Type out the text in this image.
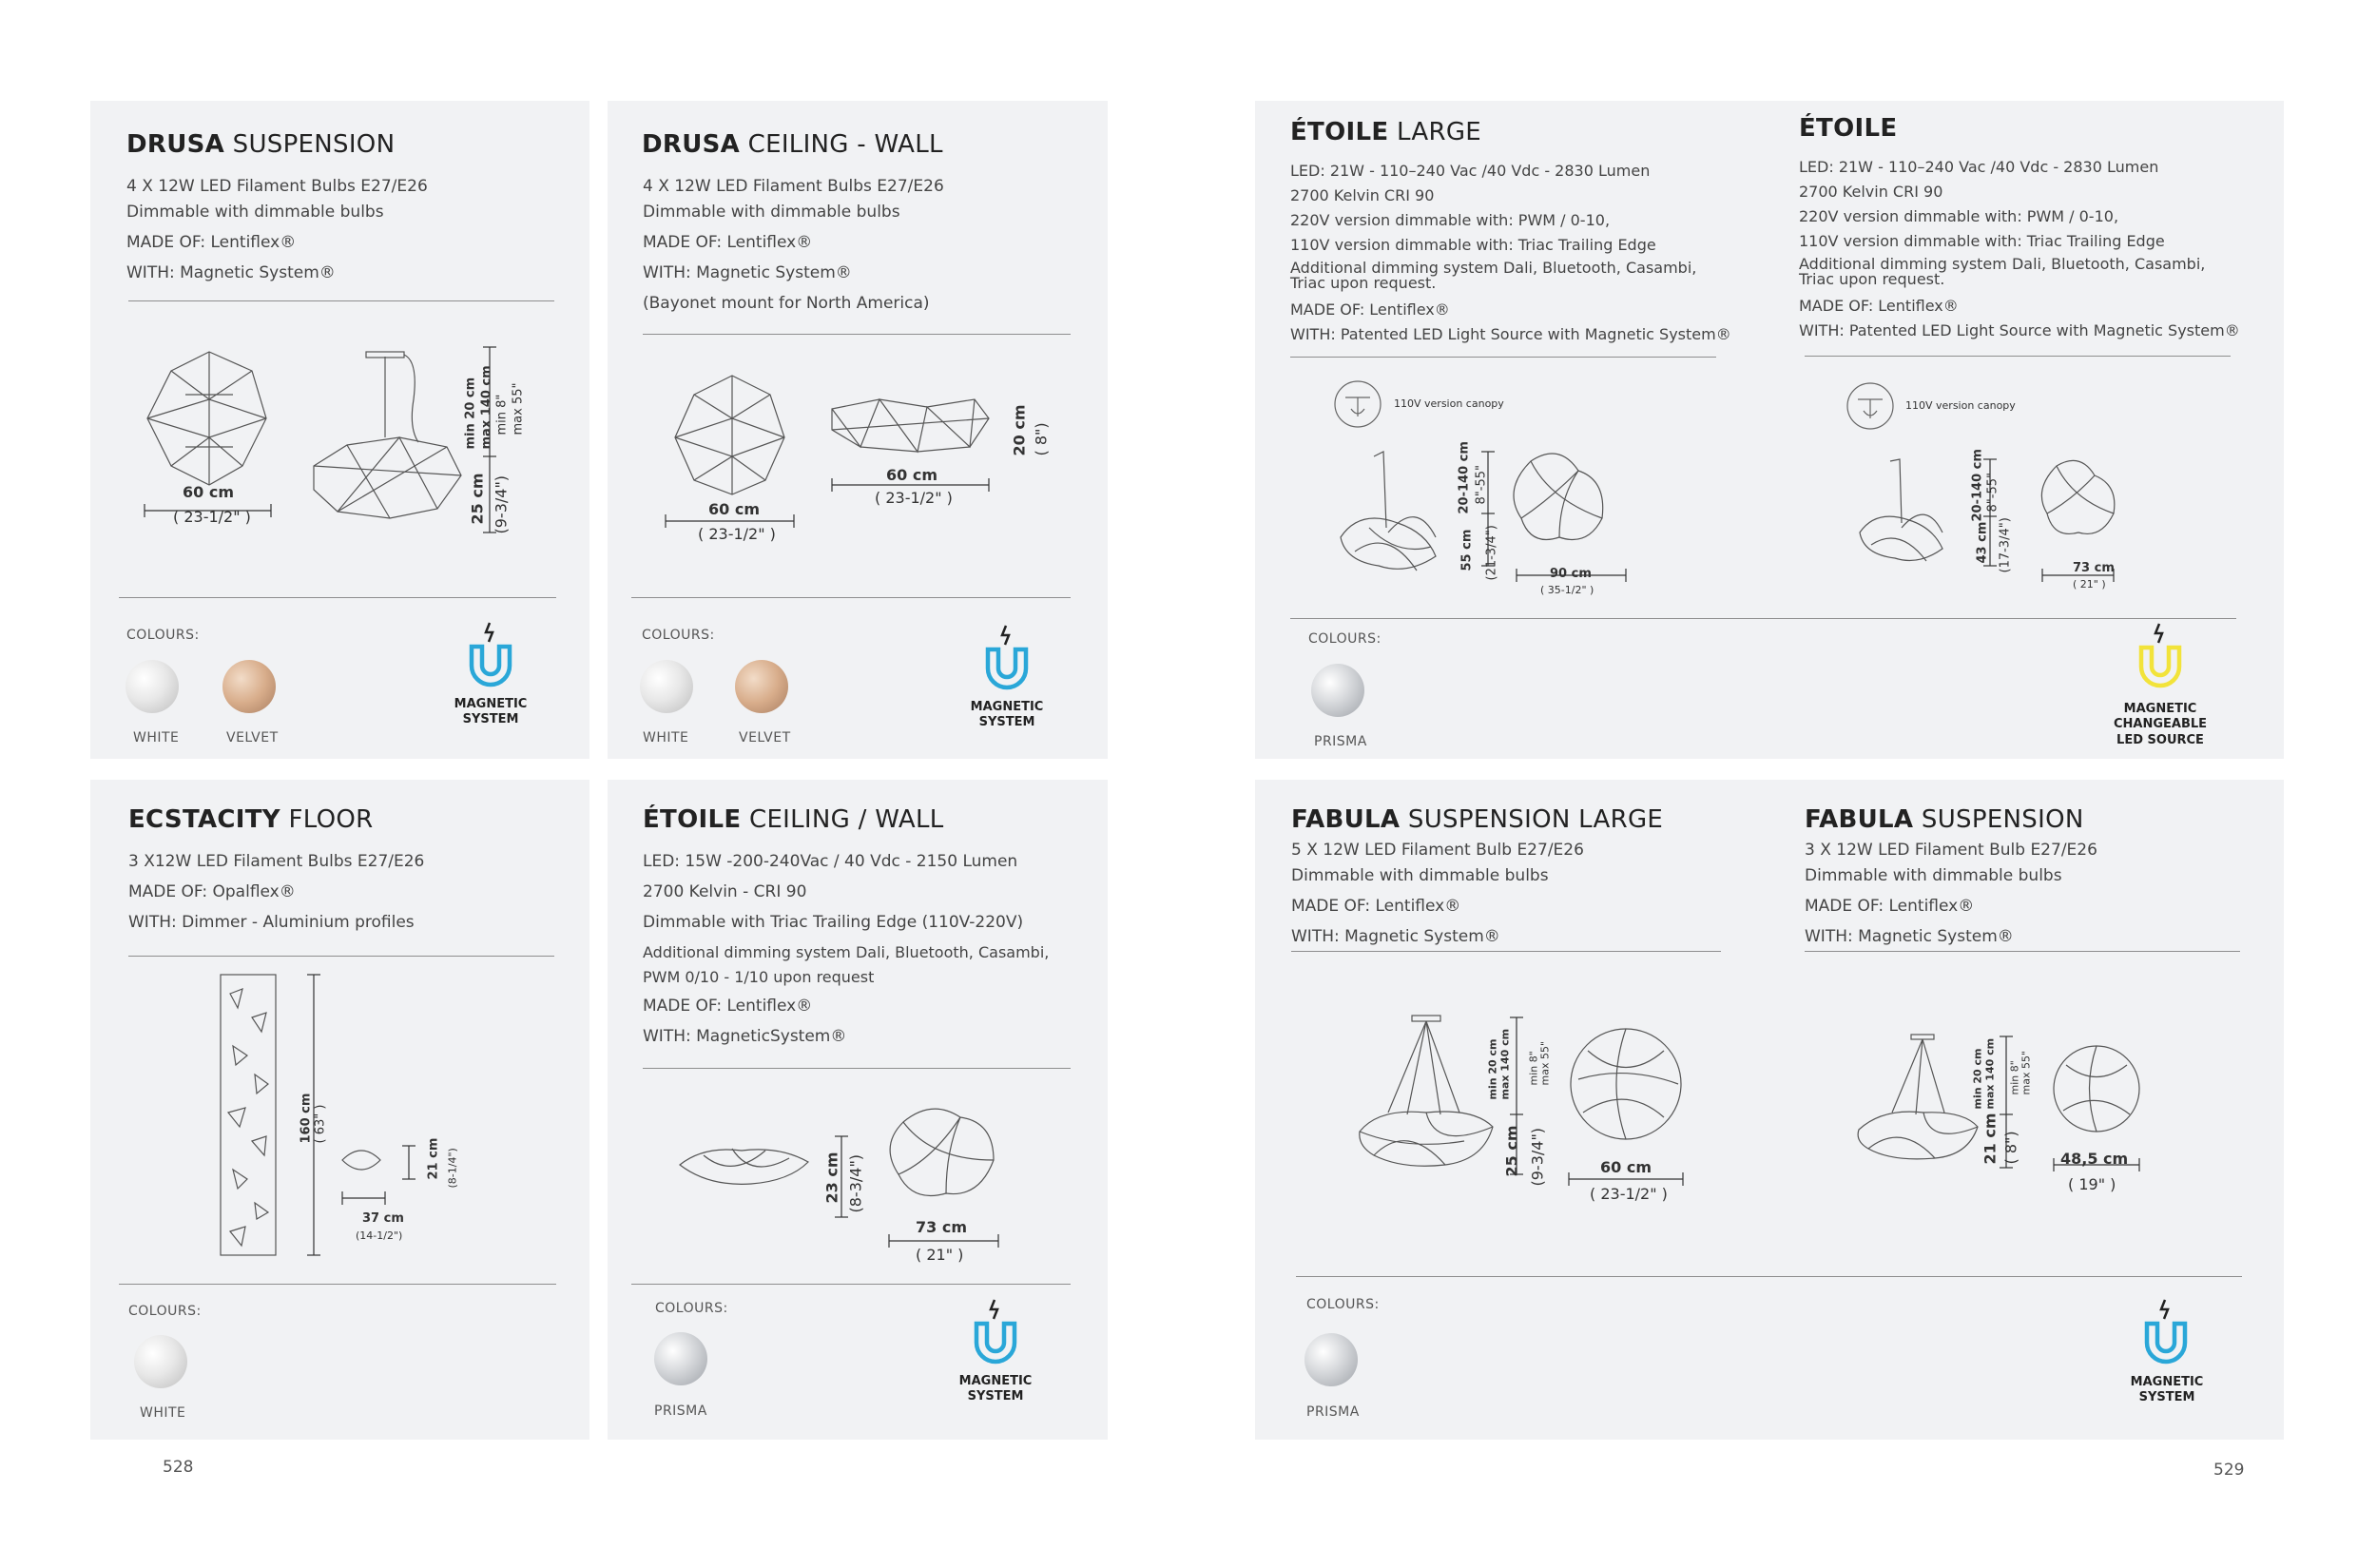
DRUSA SUSPENSION
4 X 12W LED Filament Bulbs E27/E26
Dimmable with dimmable bulbs
MADE OF: Lentiflex®
WITH: Magnetic System®
60 cm
( 23-1/2" )
min 20 cm max 140 cm min 8" max 55"
25 cm (9-3/4")
COLOURS:
WHITE	VELVET
MAGNETIC
SYSTEM
DRUSA CEILING - WALL
4 X 12W LED Filament Bulbs E27/E26
Dimmable with dimmable bulbs
MADE OF: Lentiflex®
WITH: Magnetic System®
(Bayonet mount for North America)
60 cm
( 23-1/2" )
60 cm
( 23-1/2" )
20 cm ( 8")
COLOURS:
WHITE	VELVET
MAGNETIC
SYSTEM
ÉTOILE LARGE
LED: 21W - 110–240 Vac /40 Vdc - 2830 Lumen
2700 Kelvin CRI 90
220V version dimmable with: PWM / 0-10,
110V version dimmable with: Triac Trailing Edge
Additional dimming system Dali, Bluetooth, Casambi, Triac upon request.
MADE OF: Lentiflex®
WITH: Patented LED Light Source with Magnetic System®
110V version canopy
20-140 cm 8"-55"
55 cm (21-3/4")	90 cm
( 35-1/2" )
ÉTOILE
LED: 21W - 110–240 Vac /40 Vdc - 2830 Lumen
2700 Kelvin CRI 90
220V version dimmable with: PWM / 0-10,
110V version dimmable with: Triac Trailing Edge
Additional dimming system Dali, Bluetooth, Casambi, Triac upon request.
MADE OF: Lentiflex®
WITH: Patented LED Light Source with Magnetic System®
110V version canopy
20-140 cm 8"-55"
43 cm (17-3/4")	73 cm
( 21" )
COLOURS:
PRISMA
MAGNETIC
CHANGEABLE
LED SOURCE
ECSTACITY FLOOR
3 X12W LED Filament Bulbs E27/E26
MADE OF: Opalflex®
WITH: Dimmer - Aluminium profiles
160 cm ( 63" )
37 cm
(14-1/2")
21 cm (8-1/4")
COLOURS:
WHITE
ÉTOILE CEILING / WALL
LED: 15W -200-240Vac / 40 Vdc - 2150 Lumen
2700 Kelvin - CRI 90
Dimmable with Triac Trailing Edge (110V-220V)
Additional dimming system Dali, Bluetooth, Casambi,
PWM 0/10 - 1/10 upon request
MADE OF: Lentiflex®
WITH: MagneticSystem®
23 cm (8-3/4")
73 cm
( 21" )
COLOURS:
PRISMA
MAGNETIC
SYSTEM
FABULA SUSPENSION LARGE
5 X 12W LED Filament Bulb E27/E26
Dimmable with dimmable bulbs
MADE OF: Lentiflex®
WITH: Magnetic System®
min 20 cm max 140 cm min 8" max 55"
25 cm (9-3/4")	60 cm
( 23-1/2" )
FABULA SUSPENSION
3 X 12W LED Filament Bulb E27/E26
Dimmable with dimmable bulbs
MADE OF: Lentiflex®
WITH: Magnetic System®
min 20 cm max 140 cm min 8" max 55"
21 cm ( 8")	48,5 cm
( 19" )
COLOURS:
PRISMA
MAGNETIC
SYSTEM
528	529
